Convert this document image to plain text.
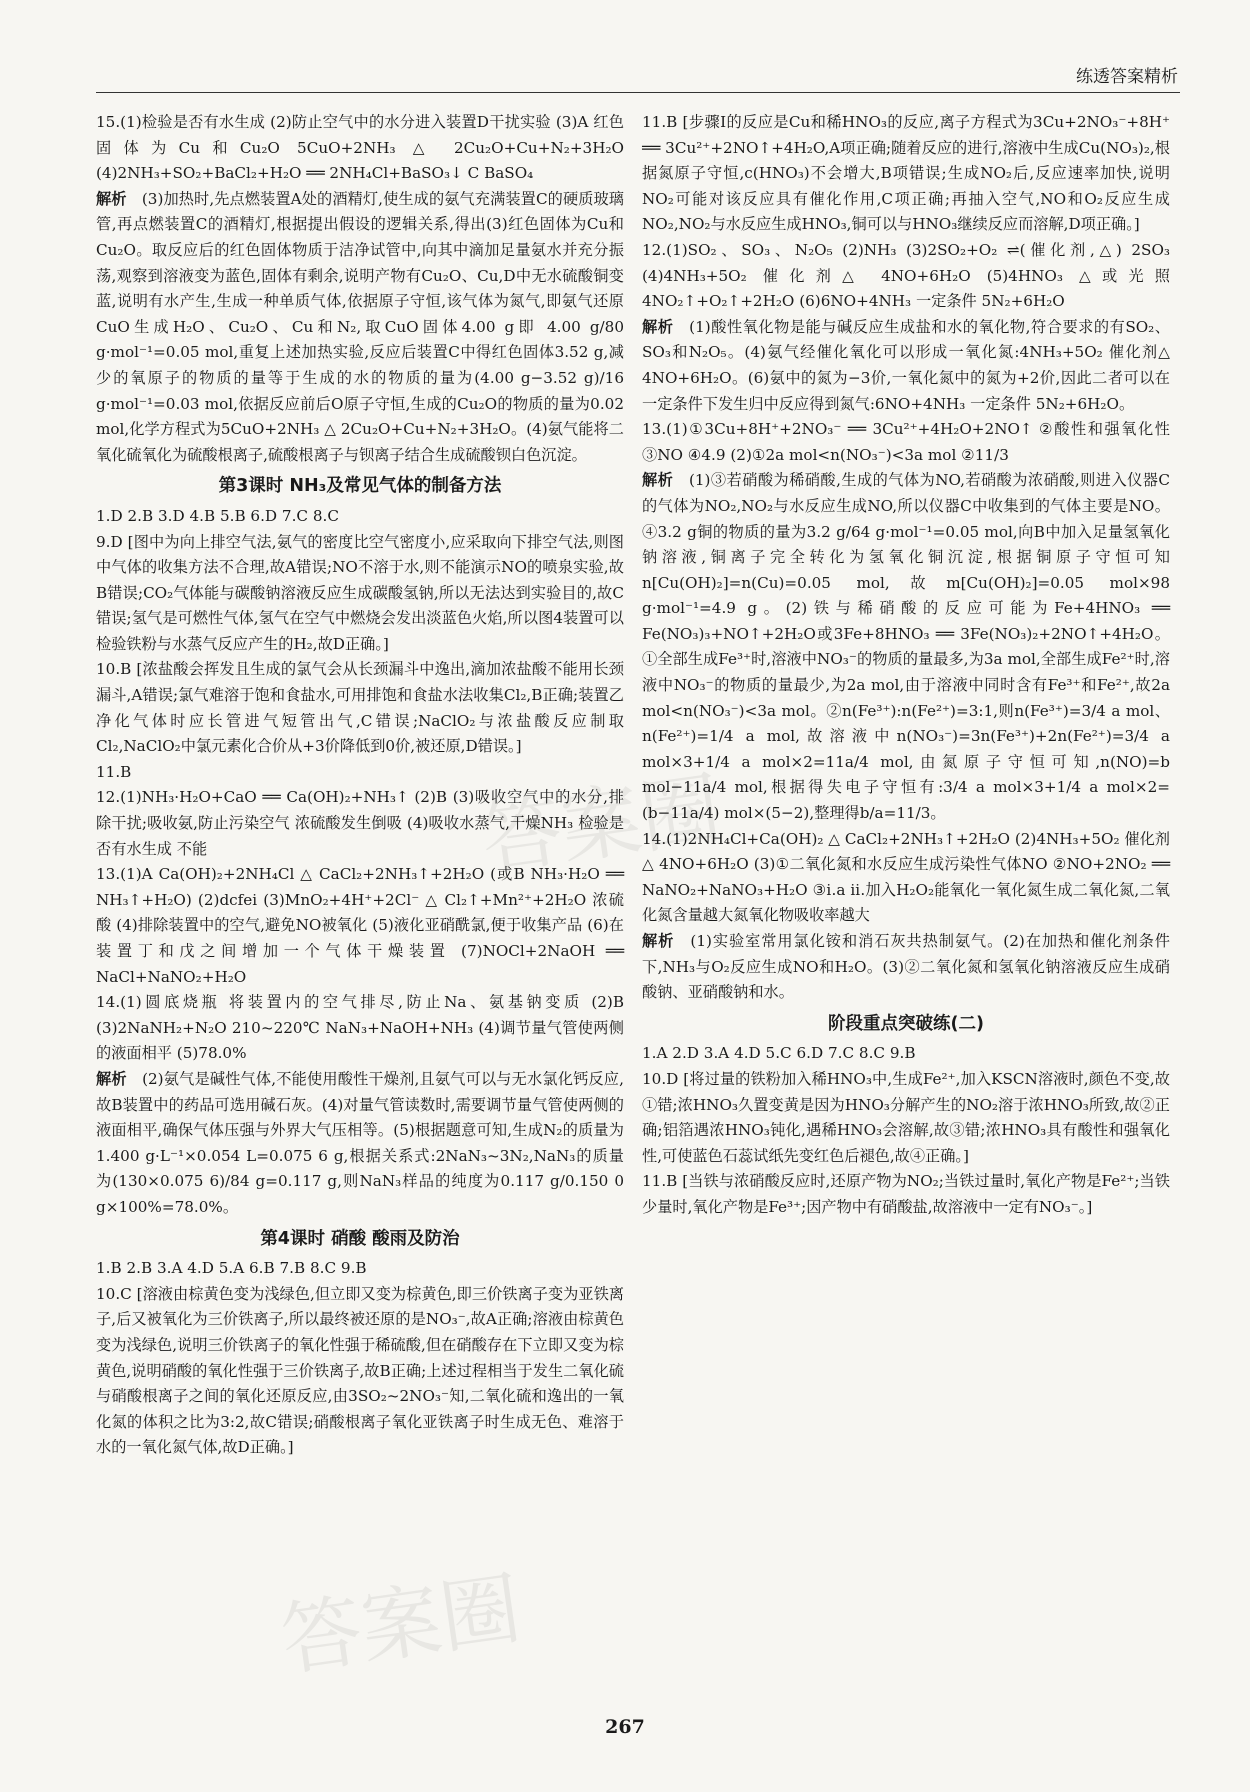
练透答案精析
答案圈
答案圈

15.(1)检验是否有水生成 (2)防止空气中的水分进入装置D干扰实验 (3)A 红色固体为Cu和Cu₂O 5CuO+2NH₃ △ 2Cu₂O+Cu+N₂+3H₂O (4)2NH₃+SO₂+BaCl₂+H₂O ══ 2NH₄Cl+BaSO₃↓ C BaSO₄

解析　(3)加热时,先点燃装置A处的酒精灯,使生成的氨气充满装置C的硬质玻璃管,再点燃装置C的酒精灯,根据提出假设的逻辑关系,得出(3)红色固体为Cu和Cu₂O。取反应后的红色固体物质于洁净试管中,向其中滴加足量氨水并充分振荡,观察到溶液变为蓝色,固体有剩余,说明产物有Cu₂O、Cu,D中无水硫酸铜变蓝,说明有水产生,生成一种单质气体,依据原子守恒,该气体为氮气,即氨气还原CuO生成H₂O、Cu₂O、Cu和N₂,取CuO固体4.00 g即 4.00 g/80 g·mol⁻¹=0.05 mol,重复上述加热实验,反应后装置C中得红色固体3.52 g,减少的氧原子的物质的量等于生成的水的物质的量为(4.00 g−3.52 g)/16 g·mol⁻¹=0.03 mol,依据反应前后O原子守恒,生成的Cu₂O的物质的量为0.02 mol,化学方程式为5CuO+2NH₃ △ 2Cu₂O+Cu+N₂+3H₂O。(4)氨气能将二氧化硫氧化为硫酸根离子,硫酸根离子与钡离子结合生成硫酸钡白色沉淀。

第3课时 NH₃及常见气体的制备方法

1.D 2.B 3.D 4.B 5.B 6.D 7.C 8.C

9.D [图中为向上排空气法,氨气的密度比空气密度小,应采取向下排空气法,则图中气体的收集方法不合理,故A错误;NO不溶于水,则不能演示NO的喷泉实验,故B错误;CO₂气体能与碳酸钠溶液反应生成碳酸氢钠,所以无法达到实验目的,故C错误;氢气是可燃性气体,氢气在空气中燃烧会发出淡蓝色火焰,所以图4装置可以检验铁粉与水蒸气反应产生的H₂,故D正确。]

10.B [浓盐酸会挥发且生成的氯气会从长颈漏斗中逸出,滴加浓盐酸不能用长颈漏斗,A错误;氯气难溶于饱和食盐水,可用排饱和食盐水法收集Cl₂,B正确;装置乙净化气体时应长管进气短管出气,C错误;NaClO₂与浓盐酸反应制取Cl₂,NaClO₂中氯元素化合价从+3价降低到0价,被还原,D错误。]

11.B

12.(1)NH₃·H₂O+CaO ══ Ca(OH)₂+NH₃↑ (2)B (3)吸收空气中的水分,排除干扰;吸收氨,防止污染空气 浓硫酸发生倒吸 (4)吸收水蒸气,干燥NH₃ 检验是否有水生成 不能

13.(1)A Ca(OH)₂+2NH₄Cl △ CaCl₂+2NH₃↑+2H₂O (或B NH₃·H₂O ══ NH₃↑+H₂O) (2)dcfei (3)MnO₂+4H⁺+2Cl⁻ △ Cl₂↑+Mn²⁺+2H₂O 浓硫酸 (4)排除装置中的空气,避免NO被氧化 (5)液化亚硝酰氯,便于收集产品 (6)在装置丁和戊之间增加一个气体干燥装置 (7)NOCl+2NaOH ══ NaCl+NaNO₂+H₂O

14.(1)圆底烧瓶 将装置内的空气排尽,防止Na、氨基钠变质 (2)B (3)2NaNH₂+N₂O 210~220℃ NaN₃+NaOH+NH₃ (4)调节量气管使两侧的液面相平 (5)78.0%

解析　(2)氨气是碱性气体,不能使用酸性干燥剂,且氨气可以与无水氯化钙反应,故B装置中的药品可选用碱石灰。(4)对量气管读数时,需要调节量气管使两侧的液面相平,确保气体压强与外界大气压相等。(5)根据题意可知,生成N₂的质量为1.400 g·L⁻¹×0.054 L=0.075 6 g,根据关系式:2NaN₃~3N₂,NaN₃的质量为(130×0.075 6)/84 g=0.117 g,则NaN₃样品的纯度为0.117 g/0.150 0 g×100%=78.0%。

第4课时 硝酸 酸雨及防治

1.B 2.B 3.A 4.D 5.A 6.B 7.B 8.C 9.B

10.C [溶液由棕黄色变为浅绿色,但立即又变为棕黄色,即三价铁离子变为亚铁离子,后又被氧化为三价铁离子,所以最终被还原的是NO₃⁻,故A正确;溶液由棕黄色变为浅绿色,说明三价铁离子的氧化性强于稀硫酸,但在硝酸存在下立即又变为棕黄色,说明硝酸的氧化性强于三价铁离子,故B正确;上述过程相当于发生二氧化硫与硝酸根离子之间的氧化还原反应,由3SO₂~2NO₃⁻知,二氧化硫和逸出的一氧化氮的体积之比为3:2,故C错误;硝酸根离子氧化亚铁离子时生成无色、难溶于水的一氧化氮气体,故D正确。]

11.B [步骤Ⅰ的反应是Cu和稀HNO₃的反应,离子方程式为3Cu+2NO₃⁻+8H⁺ ══ 3Cu²⁺+2NO↑+4H₂O,A项正确;随着反应的进行,溶液中生成Cu(NO₃)₂,根据氮原子守恒,c(HNO₃)不会增大,B项错误;生成NO₂后,反应速率加快,说明NO₂可能对该反应具有催化作用,C项正确;再抽入空气,NO和O₂反应生成NO₂,NO₂与水反应生成HNO₃,铜可以与HNO₃继续反应而溶解,D项正确。]

12.(1)SO₂、SO₃、N₂O₅ (2)NH₃ (3)2SO₂+O₂ ⇌(催化剂,△) 2SO₃ (4)4NH₃+5O₂ 催化剂△ 4NO+6H₂O (5)4HNO₃ △或光照 4NO₂↑+O₂↑+2H₂O (6)6NO+4NH₃ 一定条件 5N₂+6H₂O

解析　(1)酸性氧化物是能与碱反应生成盐和水的氧化物,符合要求的有SO₂、SO₃和N₂O₅。(4)氨气经催化氧化可以形成一氧化氮:4NH₃+5O₂ 催化剂△ 4NO+6H₂O。(6)氨中的氮为−3价,一氧化氮中的氮为+2价,因此二者可以在一定条件下发生归中反应得到氮气:6NO+4NH₃ 一定条件 5N₂+6H₂O。

13.(1)①3Cu+8H⁺+2NO₃⁻ ══ 3Cu²⁺+4H₂O+2NO↑ ②酸性和强氧化性 ③NO ④4.9 (2)①2a mol<n(NO₃⁻)<3a mol ②11/3

解析　(1)③若硝酸为稀硝酸,生成的气体为NO,若硝酸为浓硝酸,则进入仪器C的气体为NO₂,NO₂与水反应生成NO,所以仪器C中收集到的气体主要是NO。④3.2 g铜的物质的量为3.2 g/64 g·mol⁻¹=0.05 mol,向B中加入足量氢氧化钠溶液,铜离子完全转化为氢氧化铜沉淀,根据铜原子守恒可知n[Cu(OH)₂]=n(Cu)=0.05 mol,故m[Cu(OH)₂]=0.05 mol×98 g·mol⁻¹=4.9 g。(2)铁与稀硝酸的反应可能为Fe+4HNO₃ ══ Fe(NO₃)₃+NO↑+2H₂O或3Fe+8HNO₃ ══ 3Fe(NO₃)₂+2NO↑+4H₂O。①全部生成Fe³⁺时,溶液中NO₃⁻的物质的量最多,为3a mol,全部生成Fe²⁺时,溶液中NO₃⁻的物质的量最少,为2a mol,由于溶液中同时含有Fe³⁺和Fe²⁺,故2a mol<n(NO₃⁻)<3a mol。②n(Fe³⁺):n(Fe²⁺)=3:1,则n(Fe³⁺)=3/4 a mol、n(Fe²⁺)=1/4 a mol,故溶液中n(NO₃⁻)=3n(Fe³⁺)+2n(Fe²⁺)=3/4 a mol×3+1/4 a mol×2=11a/4 mol,由氮原子守恒可知,n(NO)=b mol−11a/4 mol,根据得失电子守恒有:3/4 a mol×3+1/4 a mol×2=(b−11a/4) mol×(5−2),整理得b/a=11/3。

14.(1)2NH₄Cl+Ca(OH)₂ △ CaCl₂+2NH₃↑+2H₂O (2)4NH₃+5O₂ 催化剂△ 4NO+6H₂O (3)①二氧化氮和水反应生成污染性气体NO ②NO+2NO₂ ══ NaNO₂+NaNO₃+H₂O ③ⅰ.a ⅱ.加入H₂O₂能氧化一氧化氮生成二氧化氮,二氧化氮含量越大氮氧化物吸收率越大

解析　(1)实验室常用氯化铵和消石灰共热制氨气。(2)在加热和催化剂条件下,NH₃与O₂反应生成NO和H₂O。(3)②二氧化氮和氢氧化钠溶液反应生成硝酸钠、亚硝酸钠和水。

阶段重点突破练(二)

1.A 2.D 3.A 4.D 5.C 6.D 7.C 8.C 9.B

10.D [将过量的铁粉加入稀HNO₃中,生成Fe²⁺,加入KSCN溶液时,颜色不变,故①错;浓HNO₃久置变黄是因为HNO₃分解产生的NO₂溶于浓HNO₃所致,故②正确;铝箔遇浓HNO₃钝化,遇稀HNO₃会溶解,故③错;浓HNO₃具有酸性和强氧化性,可使蓝色石蕊试纸先变红色后褪色,故④正确。]

11.B [当铁与浓硝酸反应时,还原产物为NO₂;当铁过量时,氧化产物是Fe²⁺;当铁少量时,氧化产物是Fe³⁺;因产物中有硝酸盐,故溶液中一定有NO₃⁻。]

267
